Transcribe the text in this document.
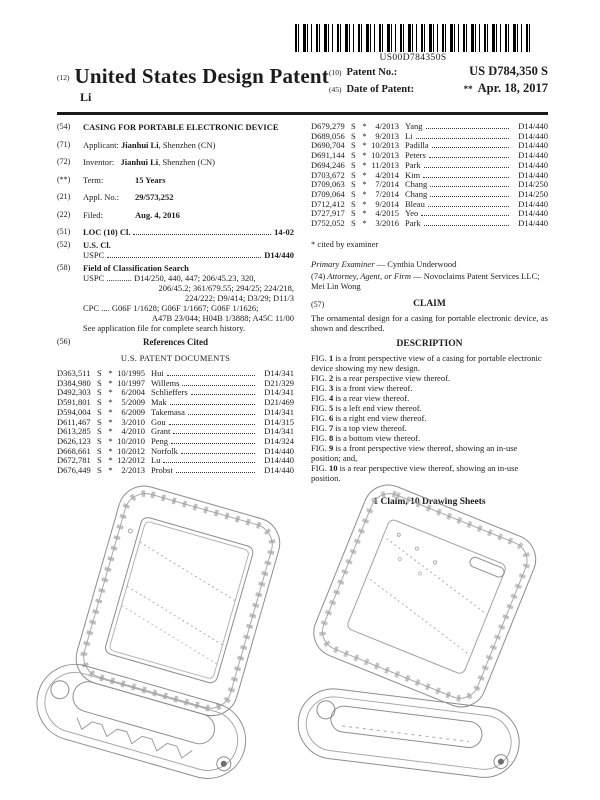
US00D784350S
(12) United States Design Patent
Li
(10) Patent No.:	US D784,350 S
(45) Date of Patent:	** Apr. 18, 2017
(54)	CASING FOR PORTABLE ELECTRONIC DEVICE
(71)	Applicant: Jianhui Li, Shenzhen (CN)
(72)	Inventor: Jianhui Li, Shenzhen (CN)
(**)	Term:	15 Years
(21)	Appl. No.:	29/573,252
(22)	Filed:	Aug. 4, 2016
(51)	LOC (10) Cl.	14-02
(52)	U.S. Cl.
USPC	D14/440
(58)	Field of Classification Search
USPC ............ D14/250, 440, 447; 206/45.23, 320,
206/45.2; 361/679.55; 294/25; 224/218,
224/222; D9/414; D3/29; D11/3
CPC .... G06F 1/1628; G06F 1/1667; G06F 1/1626;
A47B 23/044; H04B 1/3888; A45C 11/00
See application file for complete search history.
(56)	References Cited
U.S. PATENT DOCUMENTS
D363,511 S * 10/1995 Hui	D14/341
D384,980 S * 10/1997 Willems	D21/329
D492,303 S *	6/2004 Schlieffers	D14/341
D591,801 S *	5/2009 Mak	D21/469
D594,004 S *	6/2009 Takemasa	D14/341
D611,467 S *	3/2010 Gou	D14/315
D613,285 S *	4/2010 Grant	D14/341
D626,123 S * 10/2010 Peng	D14/324
D668,661 S * 10/2012 Norfolk	D14/440
D672,781 S * 12/2012 Lu	D14/440
D676,449 S *	2/2013 Probst	D14/440
D679,279 S *	4/2013 Yang	D14/440
D689,056 S *	9/2013 Li	D14/440
D690,704 S * 10/2013 Padilla	D14/440
D691,144 S * 10/2013 Peters	D14/440
D694,246 S * 11/2013 Park	D14/440
D703,672 S *	4/2014 Kim	D14/440
D709,063 S *	7/2014 Chang	D14/250
D709,064 S *	7/2014 Chang	D14/250
D712,412 S *	9/2014 Bleau	D14/440
D727,917 S *	4/2015 Yeo	D14/440
D752,052 S *	3/2016 Park	D14/440
* cited by examiner
Primary Examiner — Cynthia Underwood
(74) Attorney, Agent, or Firm — Novoclaims Patent Services LLC; Mei Lin Wong
(57)	CLAIM
The ornamental design for a casing for portable electronic device, as shown and described.
DESCRIPTION
FIG. 1 is a front perspective view of a casing for portable electronic device showing my new design.
FIG. 2 is a rear perspective view thereof.
FIG. 3 is a front view thereof.
FIG. 4 is a rear view thereof.
FIG. 5 is a left end view thereof.
FIG. 6 is a right end view thereof.
FIG. 7 is a top view thereof.
FIG. 8 is a bottom view thereof.
FIG. 9 is a front perspective view thereof, showing an in-use position; and,
FIG. 10 is a rear perspective view thereof, showing an in-use position.
1 Claim, 10 Drawing Sheets
